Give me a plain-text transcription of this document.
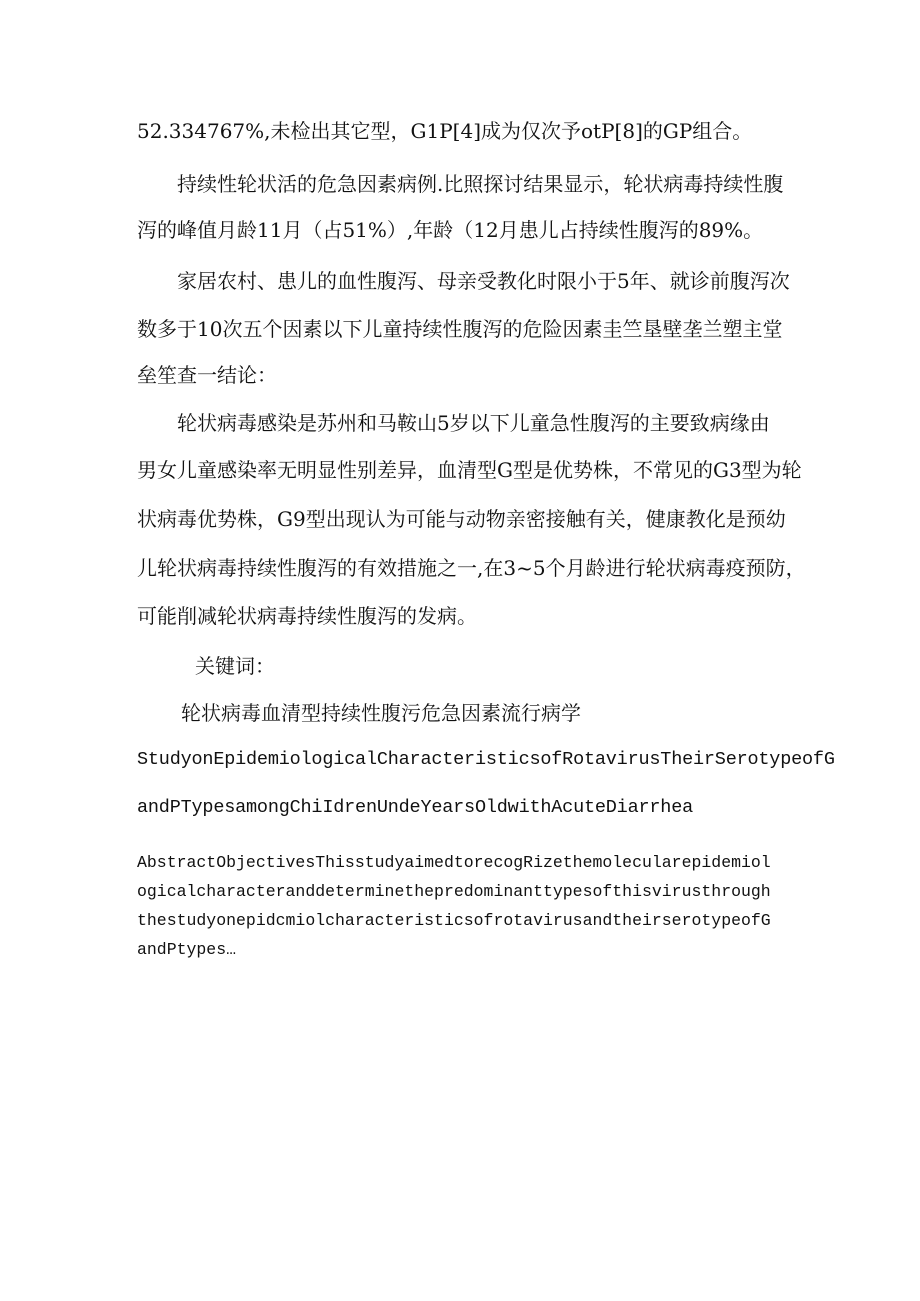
52.334767%,未检出其它型，G1P[4]成为仅次予otP[8]的GP组合。
持续性轮状活的危急因素病例.比照探讨结果显示，轮状病毒持续性腹
泻的峰值月龄11月（占51%）,年龄（12月患儿占持续性腹泻的89%。
家居农村、患儿的血性腹泻、母亲受教化时限小于5年、就诊前腹泻次
数多于10次五个因素以下儿童持续性腹泻的危险因素圭竺垦壁垄兰塑主堂
垒笙查一结论：
轮状病毒感染是苏州和马鞍山5岁以下儿童急性腹泻的主要致病缘由
男女儿童感染率无明显性别差异，血清型G型是优势株，不常见的G3型为轮
状病毒优势株，G9型出现认为可能与动物亲密接触有关，健康教化是预幼
儿轮状病毒持续性腹泻的有效措施之一,在3~5个月龄进行轮状病毒疫预防，
可能削减轮状病毒持续性腹泻的发病。
关键词：
轮状病毒血清型持续性腹污危急因素流行病学
StudyonEpidemiologicalCharacteristicsofRotavirusTheirSerotypeofG
andPTypesamongChiIdrenUndeYearsOldwithAcuteDiarrhea
AbstractObjectivesThisstudyaimedtorecogRizethemolecularepidemiol
ogicalcharacteranddeterminethepredominanttypesofthisvirusthrough
thestudyonepidcmiolcharacteristicsofrotavirusandtheirserotypeofG
andPtypes…
